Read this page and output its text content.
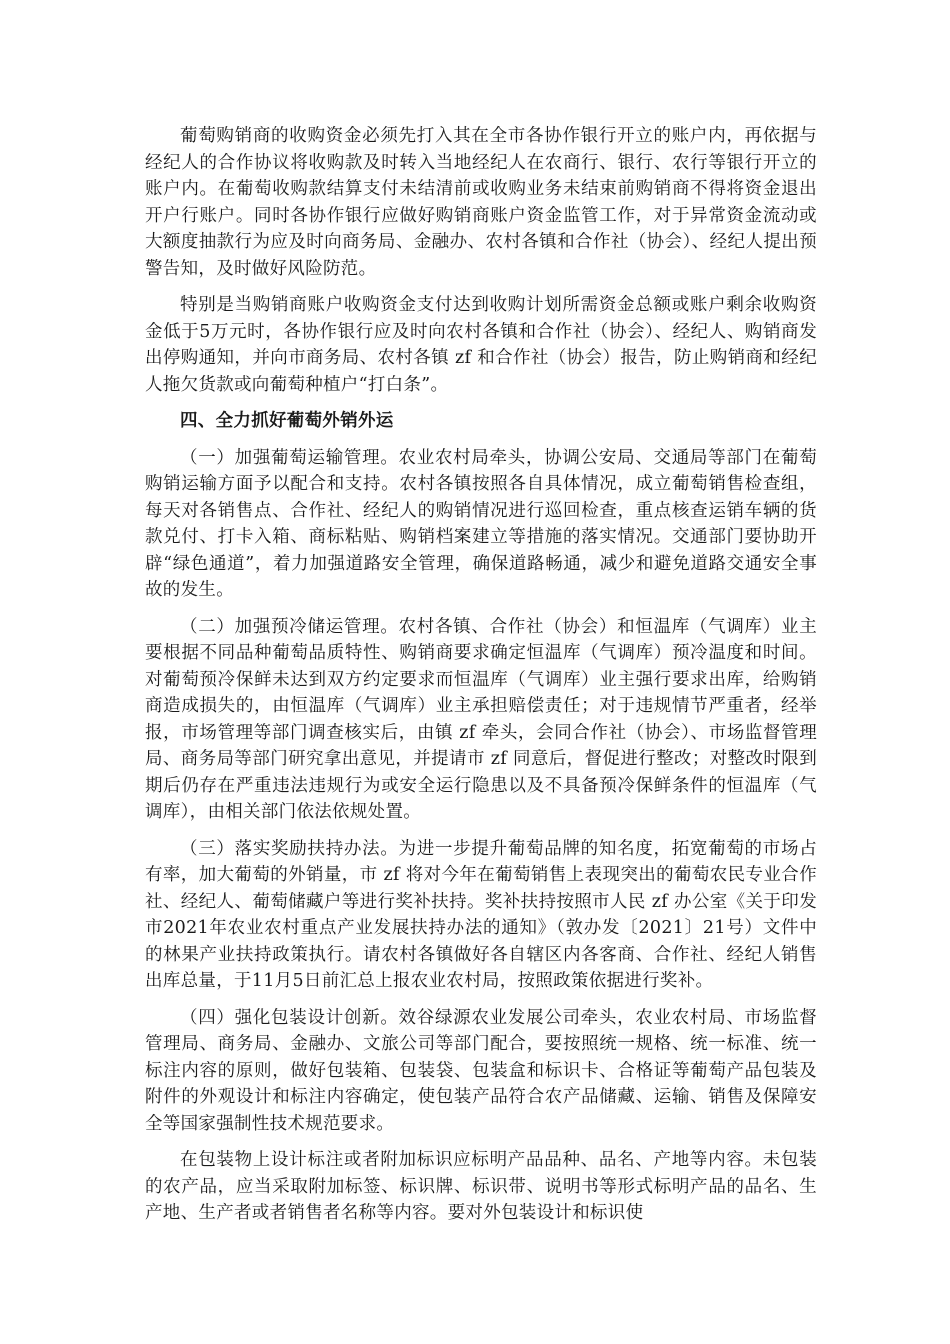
葡萄购销商的收购资金必须先打入其在全市各协作银行开立的账户内，再依据与经纪人的合作协议将收购款及时转入当地经纪人在农商行、银行、农行等银行开立的账户内。在葡萄收购款结算支付未结清前或收购业务未结束前购销商不得将资金退出开户行账户。同时各协作银行应做好购销商账户资金监管工作，对于异常资金流动或大额度抽款行为应及时向商务局、金融办、农村各镇和合作社（协会）、经纪人提出预警告知，及时做好风险防范。

特别是当购销商账户收购资金支付达到收购计划所需资金总额或账户剩余收购资金低于5万元时，各协作银行应及时向农村各镇和合作社（协会）、经纪人、购销商发出停购通知，并向市商务局、农村各镇 zf 和合作社（协会）报告，防止购销商和经纪人拖欠货款或向葡萄种植户“打白条”。

四、全力抓好葡萄外销外运

（一）加强葡萄运输管理。农业农村局牵头，协调公安局、交通局等部门在葡萄购销运输方面予以配合和支持。农村各镇按照各自具体情况，成立葡萄销售检查组，每天对各销售点、合作社、经纪人的购销情况进行巡回检查，重点核查运销车辆的货款兑付、打卡入箱、商标粘贴、购销档案建立等措施的落实情况。交通部门要协助开辟“绿色通道”，着力加强道路安全管理，确保道路畅通，减少和避免道路交通安全事故的发生。

（二）加强预冷储运管理。农村各镇、合作社（协会）和恒温库（气调库）业主要根据不同品种葡萄品质特性、购销商要求确定恒温库（气调库）预冷温度和时间。对葡萄预冷保鲜未达到双方约定要求而恒温库（气调库）业主强行要求出库，给购销商造成损失的，由恒温库（气调库）业主承担赔偿责任；对于违规情节严重者，经举报，市场管理等部门调查核实后，由镇 zf 牵头，会同合作社（协会）、市场监督管理局、商务局等部门研究拿出意见，并提请市 zf 同意后，督促进行整改；对整改时限到期后仍存在严重违法违规行为或安全运行隐患以及不具备预冷保鲜条件的恒温库（气调库），由相关部门依法依规处置。

（三）落实奖励扶持办法。为进一步提升葡萄品牌的知名度，拓宽葡萄的市场占有率，加大葡萄的外销量，市 zf 将对今年在葡萄销售上表现突出的葡萄农民专业合作社、经纪人、葡萄储藏户等进行奖补扶持。奖补扶持按照市人民 zf 办公室《关于印发市2021年农业农村重点产业发展扶持办法的通知》（敦办发〔2021〕21号）文件中的林果产业扶持政策执行。请农村各镇做好各自辖区内各客商、合作社、经纪人销售出库总量，于11月5日前汇总上报农业农村局，按照政策依据进行奖补。

（四）强化包装设计创新。效谷绿源农业发展公司牵头，农业农村局、市场监督管理局、商务局、金融办、文旅公司等部门配合，要按照统一规格、统一标准、统一标注内容的原则，做好包装箱、包装袋、包装盒和标识卡、合格证等葡萄产品包装及附件的外观设计和标注内容确定，使包装产品符合农产品储藏、运输、销售及保障安全等国家强制性技术规范要求。

在包装物上设计标注或者附加标识应标明产品品种、品名、产地等内容。未包装的农产品，应当采取附加标签、标识牌、标识带、说明书等形式标明产品的品名、生产地、生产者或者销售者名称等内容。要对外包装设计和标识使
